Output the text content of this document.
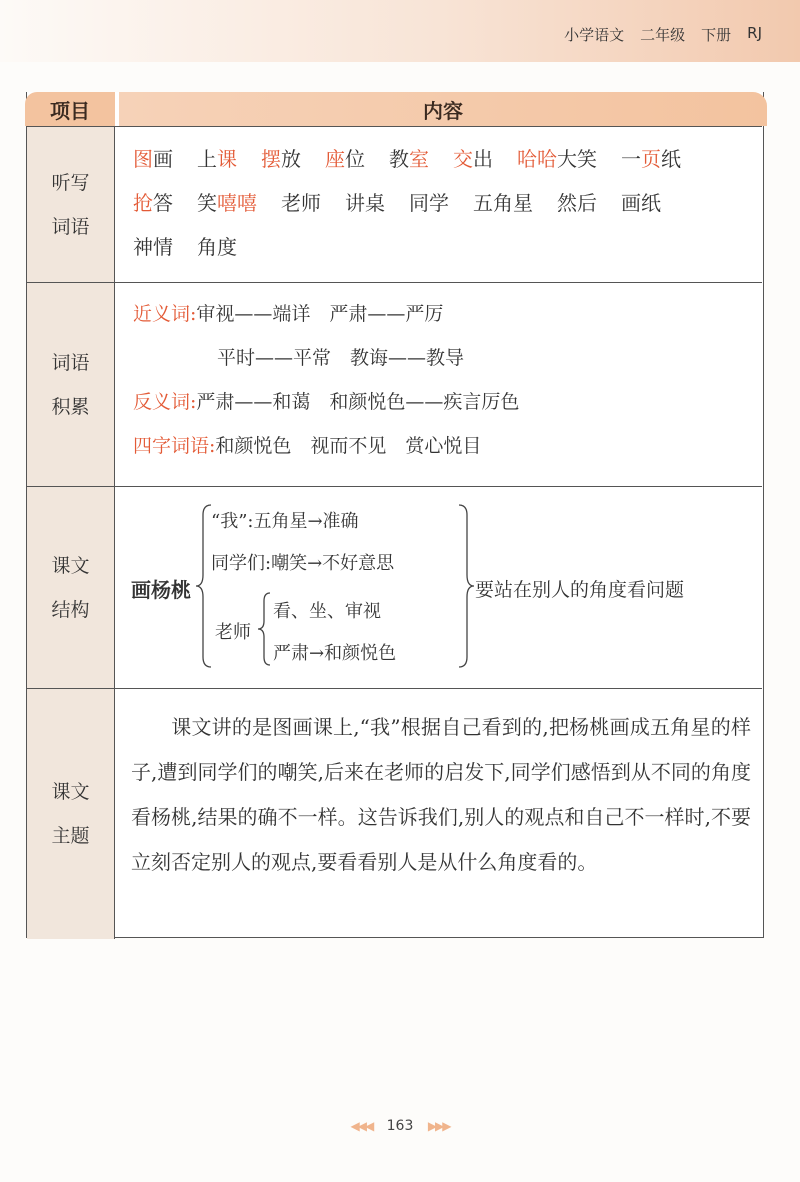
小学语文 二年级 下册 RJ
项目	内容
听写
词语
图画 上课 摆放 座位 教室 交出 哈哈大笑 一页纸
抢答 笑嘻嘻 老师 讲桌 同学 五角星 然后 画纸
神情 角度
词语
积累
近义词:审视——端详　严肃——严厉
平时——平常　教诲——教导
反义词:严肃——和蔼　和颜悦色——疾言厉色
四字词语:和颜悦色　视而不见　赏心悦目
课文
结构
画杨桃
“我”:五角星→准确
同学们:嘲笑→不好意思
老师
看、坐、审视
严肃→和颜悦色
要站在别人的角度看问题
课文
主题
课文讲的是图画课上,“我”根据自己看到的,把杨桃画成五角星的样子,遭到同学们的嘲笑,后来在老师的启发下,同学们感悟到从不同的角度看杨桃,结果的确不一样。这告诉我们,别人的观点和自己不一样时,不要立刻否定别人的观点,要看看别人是从什么角度看的。
◀◀◀ 163 ▶▶▶
